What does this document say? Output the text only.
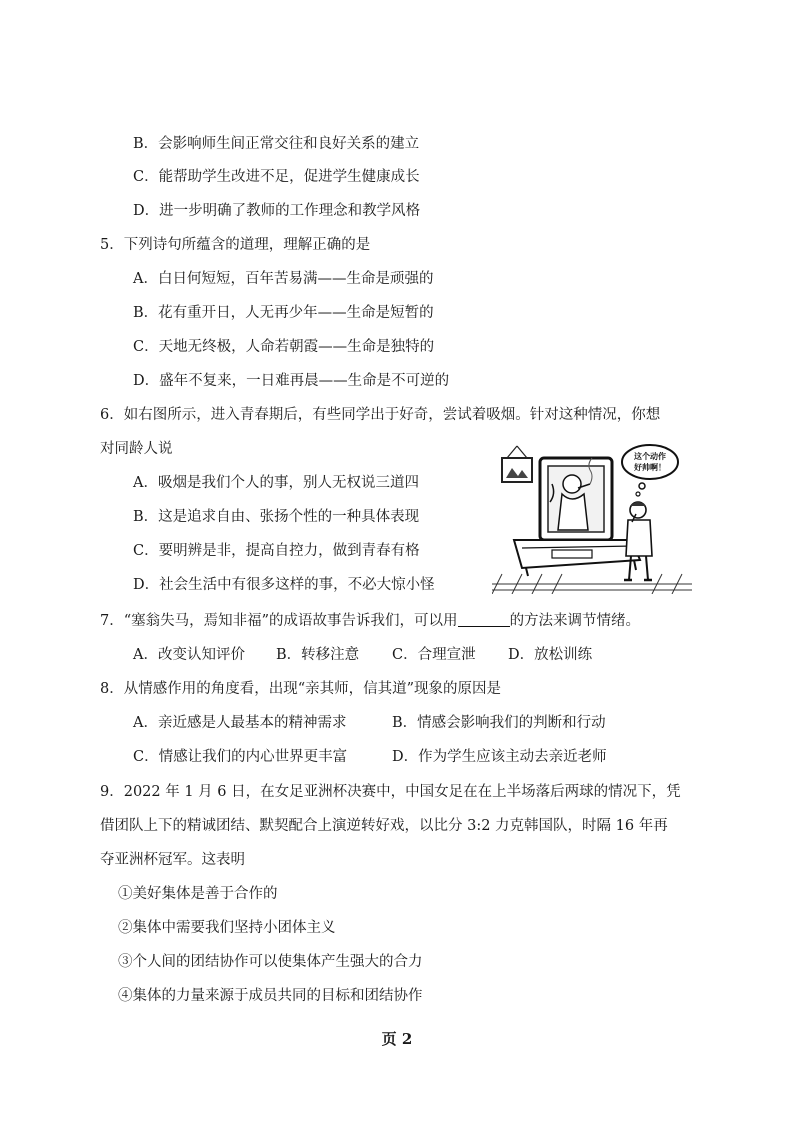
B．会影响师生间正常交往和良好关系的建立
C．能帮助学生改进不足，促进学生健康成长
D．进一步明确了教师的工作理念和教学风格
5．下列诗句所蕴含的道理，理解正确的是
A．白日何短短，百年苦易满——生命是顽强的
B．花有重开日，人无再少年——生命是短暂的
C．天地无终极，人命若朝霞——生命是独特的
D．盛年不复来，一日难再晨——生命是不可逆的
6．如右图所示，进入青春期后，有些同学出于好奇，尝试着吸烟。针对这种情况，你想
对同龄人说
A．吸烟是我们个人的事，别人无权说三道四
B．这是追求自由、张扬个性的一种具体表现
C．要明辨是非，提高自控力，做到青春有格
D．社会生活中有很多这样的事，不必大惊小怪
这个动作
好帅啊！
7．“塞翁失马，焉知非福”的成语故事告诉我们，可以用	的方法来调节情绪。
A．改变认知评价 B．转移注意 C．合理宣泄 D．放松训练
8．从情感作用的角度看，出现“亲其师，信其道”现象的原因是
A．亲近感是人最基本的精神需求	B．情感会影响我们的判断和行动
C．情感让我们的内心世界更丰富	D．作为学生应该主动去亲近老师
9．2022 年 1 月 6 日，在女足亚洲杯决赛中，中国女足在在上半场落后两球的情况下，凭
借团队上下的精诚团结、默契配合上演逆转好戏，以比分 3:2 力克韩国队，时隔 16 年再
夺亚洲杯冠军。这表明
①美好集体是善于合作的
②集体中需要我们坚持小团体主义
③个人间的团结协作可以使集体产生强大的合力
④集体的力量来源于成员共同的目标和团结协作
页 2
